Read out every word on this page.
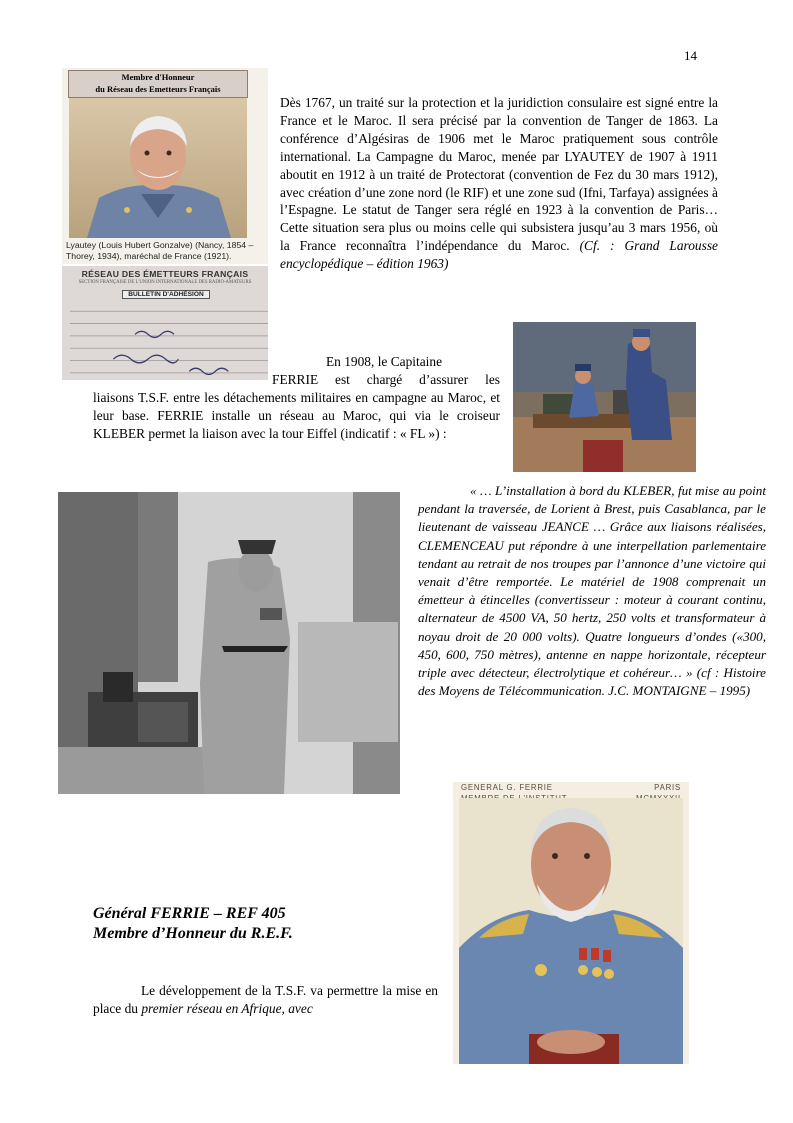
14
Membre d'Honneur
du Réseau des Emetteurs Français
Lyautey (Louis Hubert Gonzalve) (Nancy, 1854 – Thorey, 1934), maréchal de France (1921).
RÉSEAU DES ÉMETTEURS FRANÇAIS
SECTION FRANÇAISE DE L'UNION INTERNATIONALE DES RADIO-AMATEURS
BULLETIN D'ADHÉSION

Dès 1767, un traité sur la protection et la juridiction consulaire est signé entre la France et le Maroc. Il sera précisé par la convention de Tanger de 1863. La conférence d’Algésiras de 1906 met le Maroc pratiquement sous contrôle international. La Campagne du Maroc, menée par LYAUTEY de 1907 à 1911 aboutit en 1912 à un traité de Protectorat (convention de Fez du 30 mars 1912), avec création d’une zone nord (le RIF) et une zone sud (Ifni, Tarfaya) assignées à l’Espagne. Le statut de Tanger sera réglé en 1923 à la convention de Paris… Cette situation sera plus ou moins celle qui subsistera jusqu’au 3 mars 1956, où la France reconnaîtra l’indépendance du Maroc. (Cf. : Grand Larousse encyclopédique – édition 1963)

En 1908, le Capitaine
FERRIE est chargé d’assurer les
liaisons T.S.F. entre les détachements militaires en campagne au Maroc, et leur base. FERRIE installe un réseau au Maroc, qui via le croiseur KLEBER permet la liaison avec la tour Eiffel (indicatif : « FL ») :
« … L’installation à bord du KLEBER, fut mise au point pendant la traversée, de Lorient à Brest, puis Casablanca, par le lieutenant de vaisseau JEANCE … Grâce aux liaisons réalisées, CLEMENCEAU put répondre à une interpellation parlementaire tendant au retrait de nos troupes par l’annonce d’une victoire qui venait d’être remportée. Le matériel de 1908 comprenait un émetteur à étincelles (convertisseur : moteur à courant continu, alternateur de 4500 VA, 50 hertz, 250 volts et transformateur à noyau droit de 20 000 volts). Quatre longueurs d’ondes («300, 450, 600, 750 mètres), antenne en nappe horizontale, récepteur triple avec détecteur, électrolytique et cohéreur… » (cf : Histoire des Moyens de Télécommunication. J.C. MONTAIGNE – 1995)
GENERAL G. FERRIE	PARIS
Général FERRIE – REF 405
Membre d’Honneur du R.E.F.
Le développement de la T.S.F. va permettre la mise en place du premier réseau en Afrique, avec
